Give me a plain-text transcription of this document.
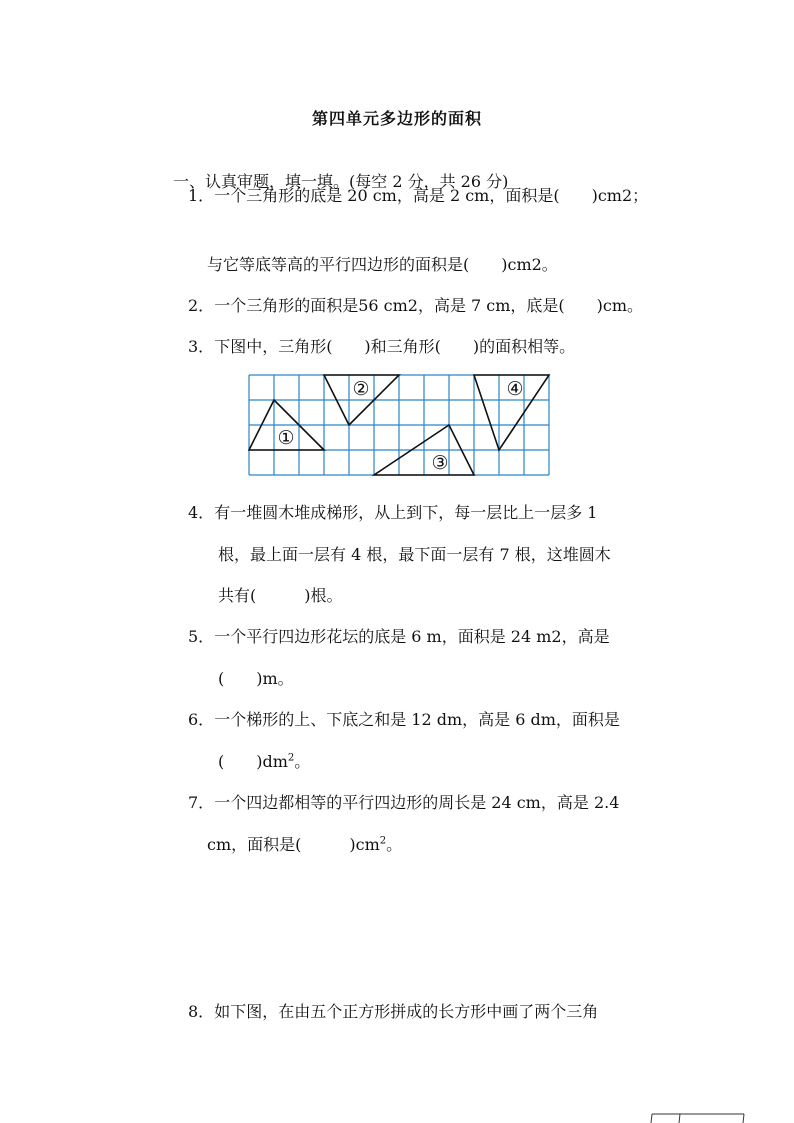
第四单元多边形的面积
一、认真审题，填一填。(每空 2 分，共 26 分)
1．一个三角形的底是 20 cm，高是 2 cm，面积是(　　)cm2；
与它等底等高的平行四边形的面积是(　　)cm2。
2．一个三角形的面积是56 cm2，高是 7 cm，底是(　　)cm。
3．下图中，三角形(　　)和三角形(　　)的面积相等。
①
②
③
④
4．有一堆圆木堆成梯形，从上到下，每一层比上一层多 1
根，最上面一层有 4 根，最下面一层有 7 根，这堆圆木
共有(　　　)根。
5．一个平行四边形花坛的底是 6 m，面积是 24 m2，高是
(　　)m。
6．一个梯形的上、下底之和是 12 dm，高是 6 dm，面积是
(　　)$dm^2$。
7．一个四边都相等的平行四边形的周长是 24 cm，高是 2.4
cm，面积是(　　　)$cm^2$。
8．如下图，在由五个正方形拼成的长方形中画了两个三角
